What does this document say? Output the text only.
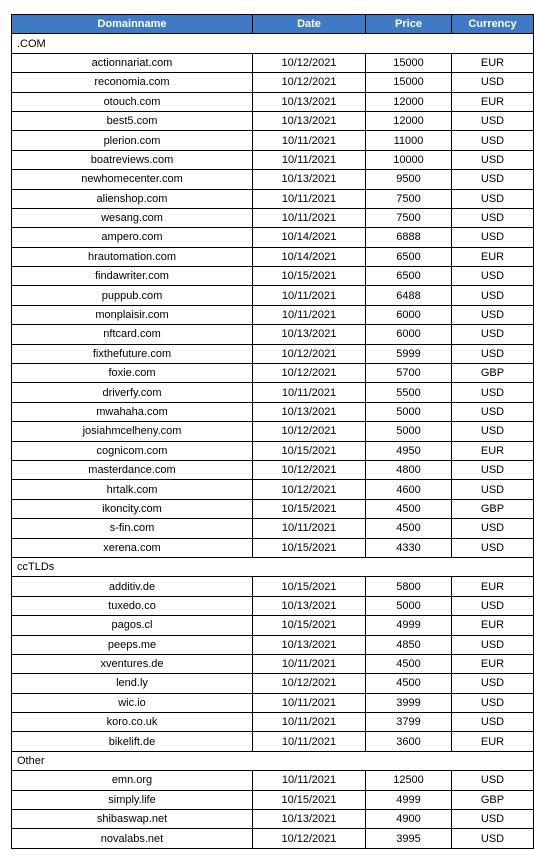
Domainname	Date	Price	Currency
.COM			
actionnariat.com	10/12/2021	15000	EUR
reconomia.com	10/12/2021	15000	USD
otouch.com	10/13/2021	12000	EUR
best5.com	10/13/2021	12000	USD
plerion.com	10/11/2021	11000	USD
boatreviews.com	10/11/2021	10000	USD
newhomecenter.com	10/13/2021	9500	USD
alienshop.com	10/11/2021	7500	USD
wesang.com	10/11/2021	7500	USD
ampero.com	10/14/2021	6888	USD
hrautomation.com	10/14/2021	6500	EUR
findawriter.com	10/15/2021	6500	USD
puppub.com	10/11/2021	6488	USD
monplaisir.com	10/11/2021	6000	USD
nftcard.com	10/13/2021	6000	USD
fixthefuture.com	10/12/2021	5999	USD
foxie.com	10/12/2021	5700	GBP
driverfy.com	10/11/2021	5500	USD
mwahaha.com	10/13/2021	5000	USD
josiahmcelheny.com	10/12/2021	5000	USD
cognicom.com	10/15/2021	4950	EUR
masterdance.com	10/12/2021	4800	USD
hrtalk.com	10/12/2021	4600	USD
ikoncity.com	10/15/2021	4500	GBP
s-fin.com	10/11/2021	4500	USD
xerena.com	10/15/2021	4330	USD
ccTLDs			
additiv.de	10/15/2021	5800	EUR
tuxedo.co	10/13/2021	5000	USD
pagos.cl	10/15/2021	4999	EUR
peeps.me	10/13/2021	4850	USD
xventures.de	10/11/2021	4500	EUR
lend.ly	10/12/2021	4500	USD
wic.io	10/11/2021	3999	USD
koro.co.uk	10/11/2021	3799	USD
bikelift.de	10/11/2021	3600	EUR
Other			
emn.org	10/11/2021	12500	USD
simply.life	10/15/2021	4999	GBP
shibaswap.net	10/13/2021	4900	USD
novalabs.net	10/12/2021	3995	USD
